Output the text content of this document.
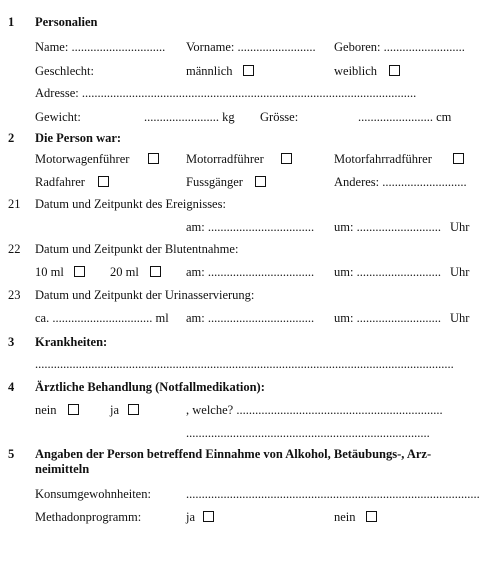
1 Personalien
Name: .............................. Vorname: ......................... Geboren: ..........................
Geschlecht:	männlich	weiblich
Adresse: ...........................................................................................................
Gewicht:	........................ kg Grösse:	........................ cm
2 Die Person war:
Motorwagenführer	Motorradführer	Motorfahrradführer
Radfahrer	Fussgänger	Anderes: ...........................
21 Datum und Zeitpunkt des Ereignisses:
am: .................................. um: ........................... Uhr
22 Datum und Zeitpunkt der Blutentnahme:
10 ml	20 ml	am: .................................. um: ........................... Uhr
23 Datum und Zeitpunkt der Urinasservierung:
ca. ................................ ml am: .................................. um: ........................... Uhr
3 Krankheiten:
......................................................................................................................................
4 Ärztliche Behandlung (Notfallmedikation):
nein	ja	, welche? ..................................................................
..............................................................................
5 Angaben der Person betreffend Einnahme von Alkohol, Betäubungs-, Arz-
neimitteln
Konsumgewohnheiten:	..............................................................................................
Methadonprogramm:	ja	nein
